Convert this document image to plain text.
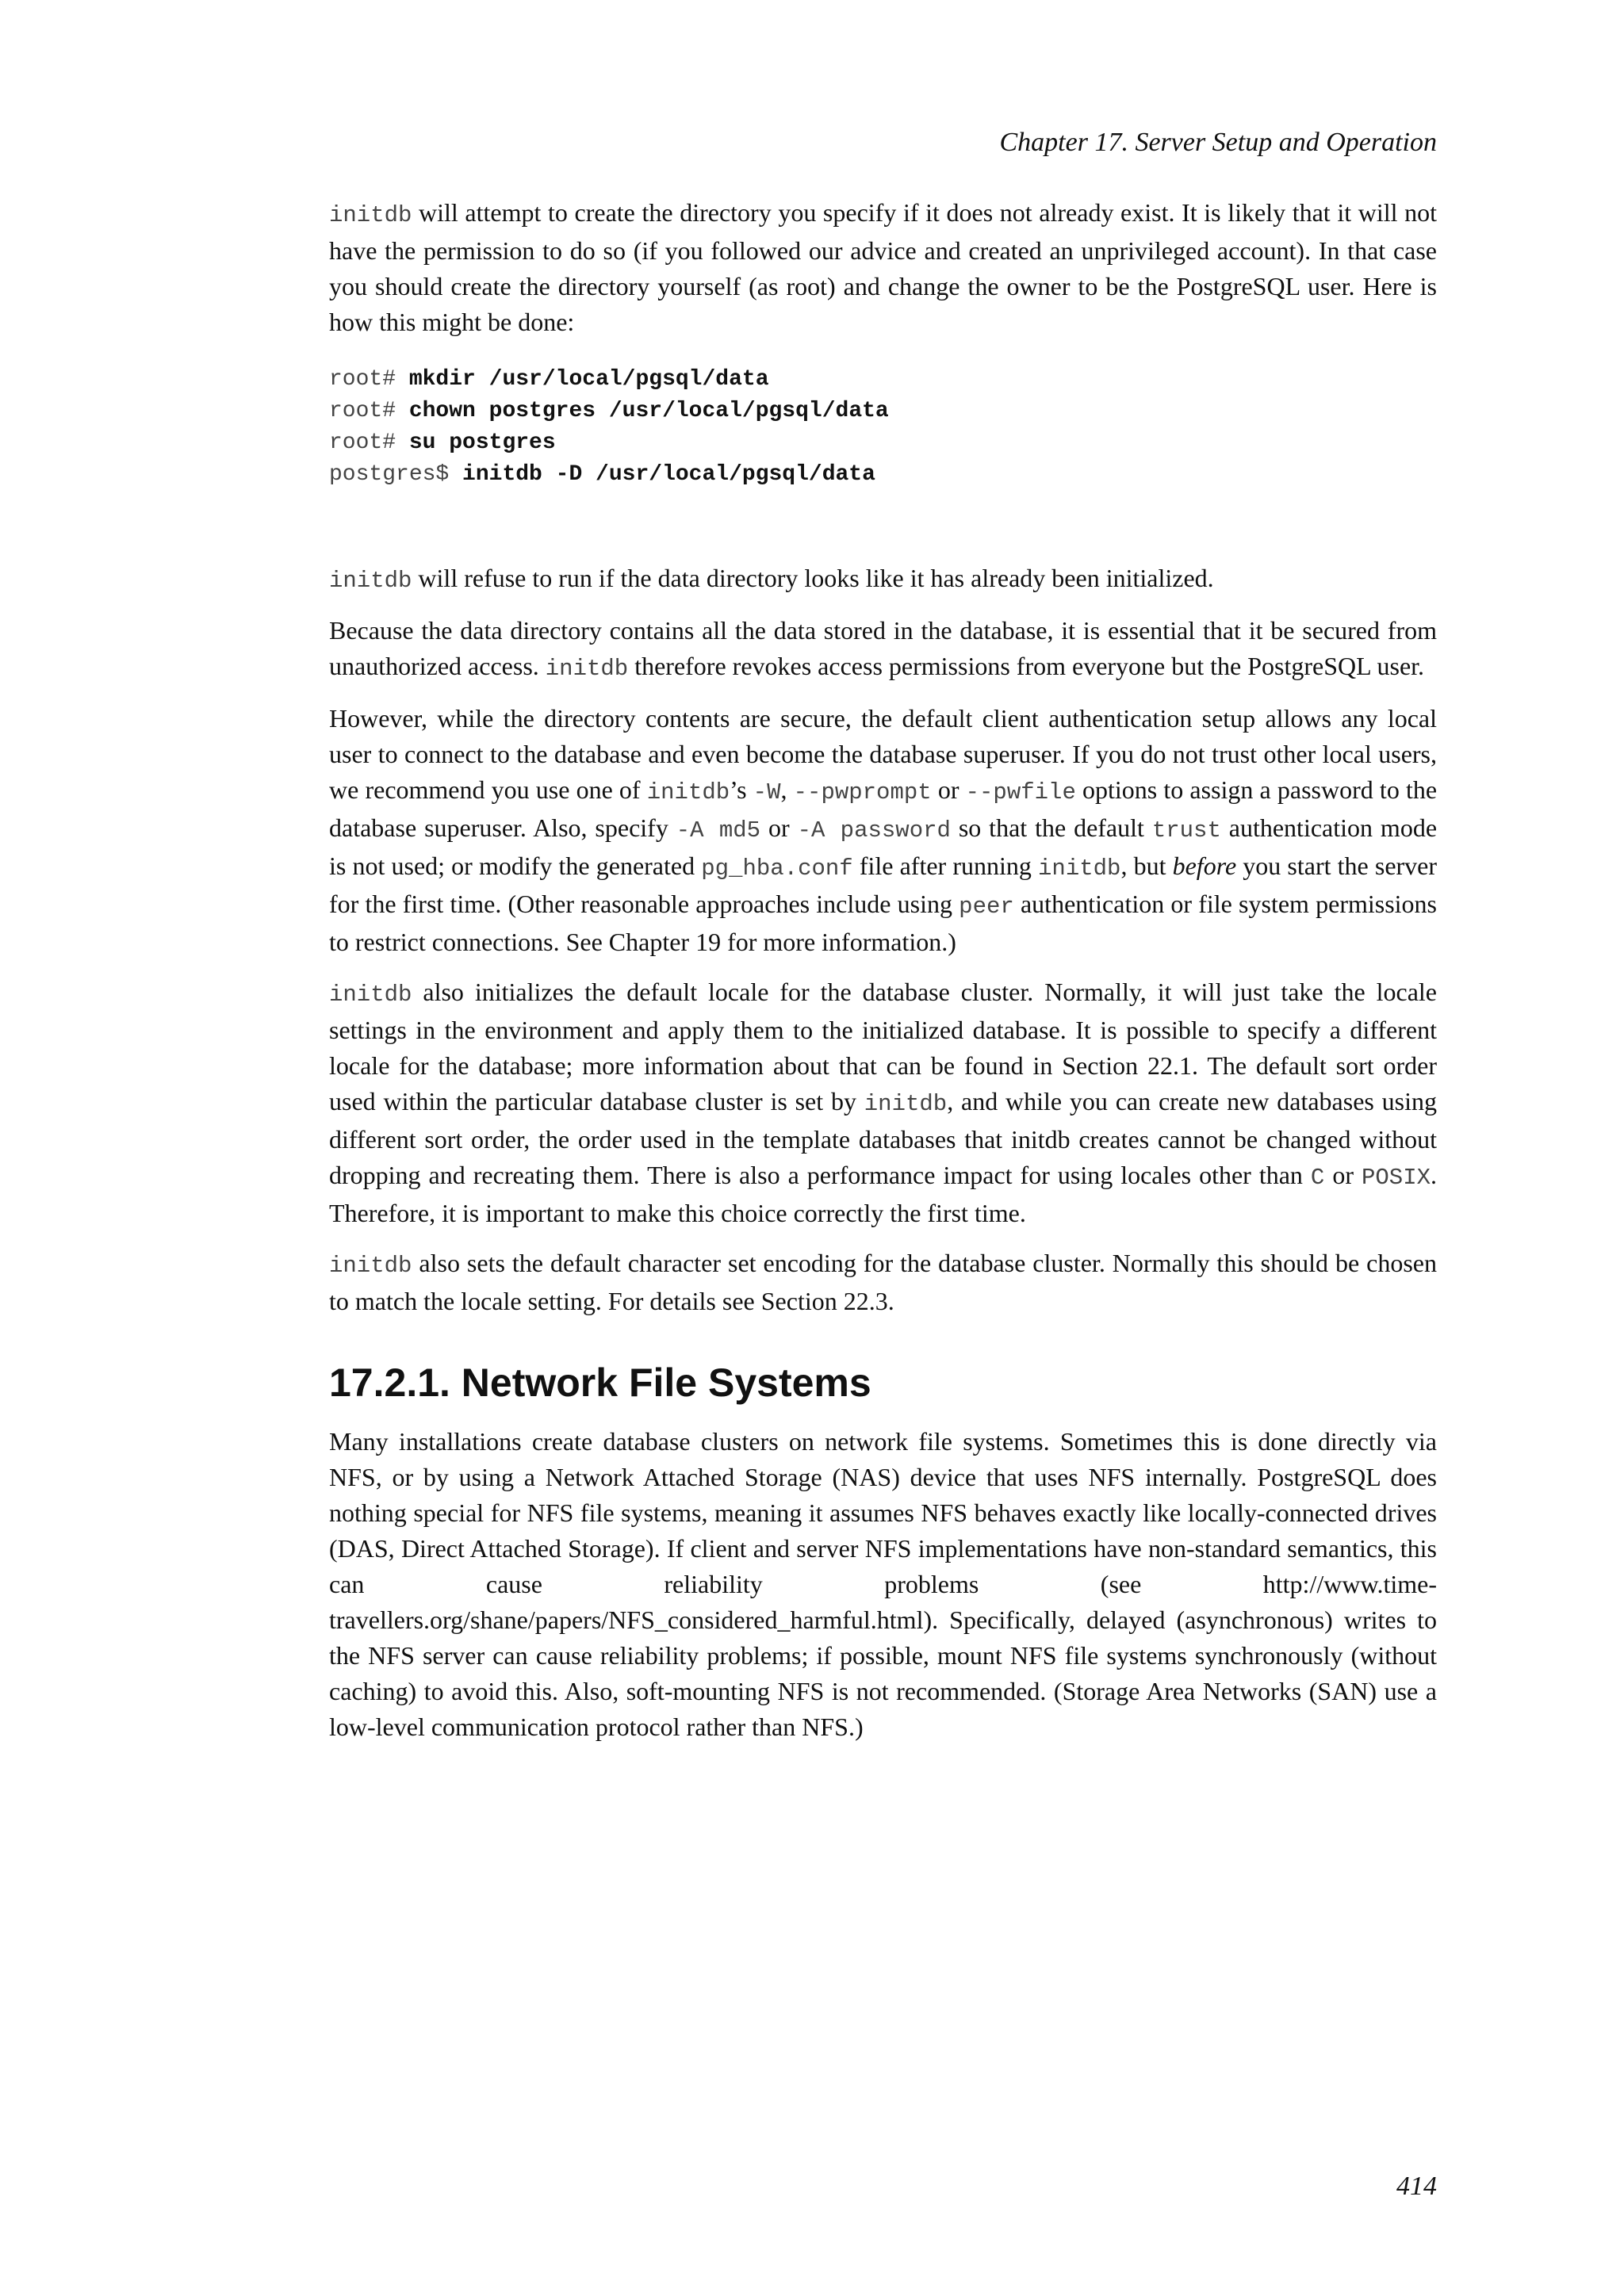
Chapter 17. Server Setup and Operation

initdb will attempt to create the directory you specify if it does not already exist. It is likely that it will not have the permission to do so (if you followed our advice and created an unprivileged account). In that case you should create the directory yourself (as root) and change the owner to be the PostgreSQL user. Here is how this might be done:

root# mkdir /usr/local/pgsql/data
root# chown postgres /usr/local/pgsql/data
root# su postgres
postgres$ initdb -D /usr/local/pgsql/data

initdb will refuse to run if the data directory looks like it has already been initialized.

Because the data directory contains all the data stored in the database, it is essential that it be secured from unauthorized access. initdb therefore revokes access permissions from everyone but the PostgreSQL user.

However, while the directory contents are secure, the default client authentication setup allows any local user to connect to the database and even become the database superuser. If you do not trust other local users, we recommend you use one of initdb’s -W, --pwprompt or --pwfile options to assign a password to the database superuser. Also, specify -A md5 or -A password so that the default trust authentication mode is not used; or modify the generated pg_hba.conf file after running initdb, but before you start the server for the first time. (Other reasonable approaches include using peer authentication or file system permissions to restrict connections. See Chapter 19 for more information.)

initdb also initializes the default locale for the database cluster. Normally, it will just take the locale settings in the environment and apply them to the initialized database. It is possible to specify a different locale for the database; more information about that can be found in Section 22.1. The default sort order used within the particular database cluster is set by initdb, and while you can create new databases using different sort order, the order used in the template databases that initdb creates cannot be changed without dropping and recreating them. There is also a performance impact for using locales other than C or POSIX. Therefore, it is important to make this choice correctly the first time.

initdb also sets the default character set encoding for the database cluster. Normally this should be chosen to match the locale setting. For details see Section 22.3.

17.2.1. Network File Systems

Many installations create database clusters on network file systems. Sometimes this is done directly via NFS, or by using a Network Attached Storage (NAS) device that uses NFS internally. PostgreSQL does nothing special for NFS file systems, meaning it assumes NFS behaves exactly like locally-connected drives (DAS, Direct Attached Storage). If client and server NFS implementations have non-standard semantics, this can cause reliability problems (see http://www.time-travellers.org/shane/papers/NFS_considered_harmful.html). Specifically, delayed (asynchronous) writes to the NFS server can cause reliability problems; if possible, mount NFS file systems synchronously (without caching) to avoid this. Also, soft-mounting NFS is not recommended. (Storage Area Networks (SAN) use a low-level communication protocol rather than NFS.)

414
